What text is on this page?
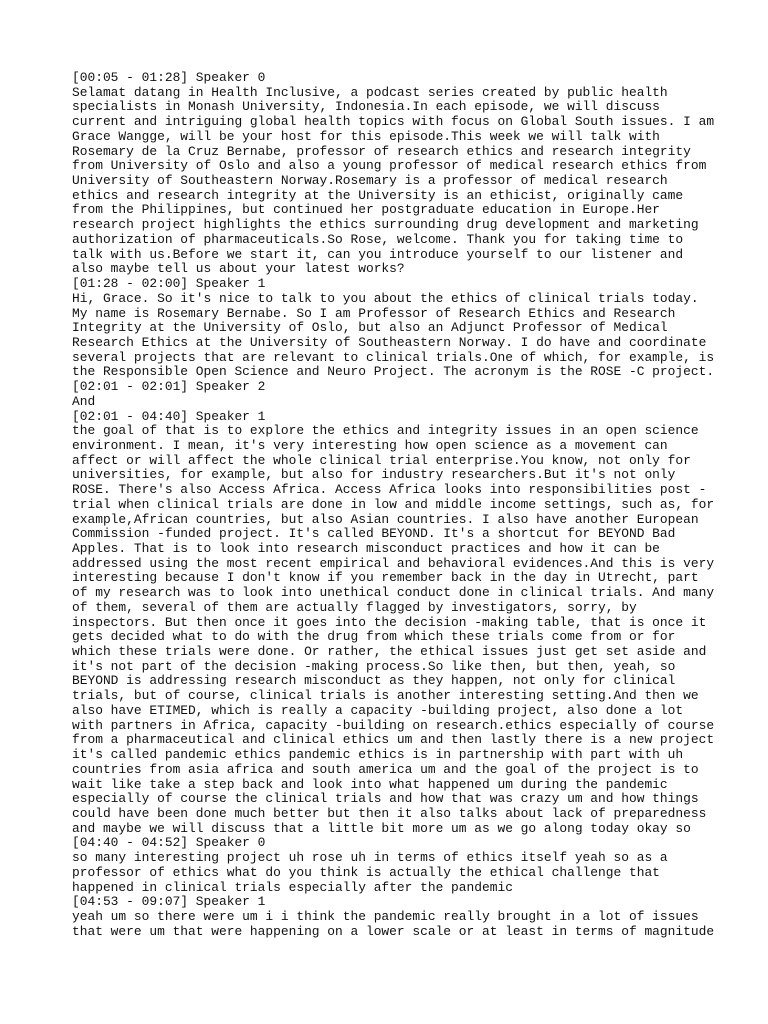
[00:05 - 01:28] Speaker 0
Selamat datang in Health Inclusive, a podcast series created by public health
specialists in Monash University, Indonesia.In each episode, we will discuss
current and intriguing global health topics with focus on Global South issues. I am
Grace Wangge, will be your host for this episode.This week we will talk with
Rosemary de la Cruz Bernabe, professor of research ethics and research integrity
from University of Oslo and also a young professor of medical research ethics from
University of Southeastern Norway.Rosemary is a professor of medical research
ethics and research integrity at the University is an ethicist, originally came
from the Philippines, but continued her postgraduate education in Europe.Her
research project highlights the ethics surrounding drug development and marketing
authorization of pharmaceuticals.So Rose, welcome. Thank you for taking time to
talk with us.Before we start it, can you introduce yourself to our listener and
also maybe tell us about your latest works?
[01:28 - 02:00] Speaker 1
Hi, Grace. So it's nice to talk to you about the ethics of clinical trials today.
My name is Rosemary Bernabe. So I am Professor of Research Ethics and Research
Integrity at the University of Oslo, but also an Adjunct Professor of Medical
Research Ethics at the University of Southeastern Norway. I do have and coordinate
several projects that are relevant to clinical trials.One of which, for example, is
the Responsible Open Science and Neuro Project. The acronym is the ROSE -C project.
[02:01 - 02:01] Speaker 2
And
[02:01 - 04:40] Speaker 1
the goal of that is to explore the ethics and integrity issues in an open science
environment. I mean, it's very interesting how open science as a movement can
affect or will affect the whole clinical trial enterprise.You know, not only for
universities, for example, but also for industry researchers.But it's not only
ROSE. There's also Access Africa. Access Africa looks into responsibilities post -
trial when clinical trials are done in low and middle income settings, such as, for
example,African countries, but also Asian countries. I also have another European
Commission -funded project. It's called BEYOND. It's a shortcut for BEYOND Bad
Apples. That is to look into research misconduct practices and how it can be
addressed using the most recent empirical and behavioral evidences.And this is very
interesting because I don't know if you remember back in the day in Utrecht, part
of my research was to look into unethical conduct done in clinical trials. And many
of them, several of them are actually flagged by investigators, sorry, by
inspectors. But then once it goes into the decision -making table, that is once it
gets decided what to do with the drug from which these trials come from or for
which these trials were done. Or rather, the ethical issues just get set aside and
it's not part of the decision -making process.So like then, but then, yeah, so
BEYOND is addressing research misconduct as they happen, not only for clinical
trials, but of course, clinical trials is another interesting setting.And then we
also have ETIMED, which is really a capacity -building project, also done a lot
with partners in Africa, capacity -building on research.ethics especially of course
from a pharmaceutical and clinical ethics um and then lastly there is a new project
it's called pandemic ethics pandemic ethics is in partnership with part with uh
countries from asia africa and south america um and the goal of the project is to
wait like take a step back and look into what happened um during the pandemic
especially of course the clinical trials and how that was crazy um and how things
could have been done much better but then it also talks about lack of preparedness
and maybe we will discuss that a little bit more um as we go along today okay so
[04:40 - 04:52] Speaker 0
so many interesting project uh rose uh in terms of ethics itself yeah so as a
professor of ethics what do you think is actually the ethical challenge that
happened in clinical trials especially after the pandemic
[04:53 - 09:07] Speaker 1
yeah um so there were um i i think the pandemic really brought in a lot of issues
that were um that were happening on a lower scale or at least in terms of magnitude
